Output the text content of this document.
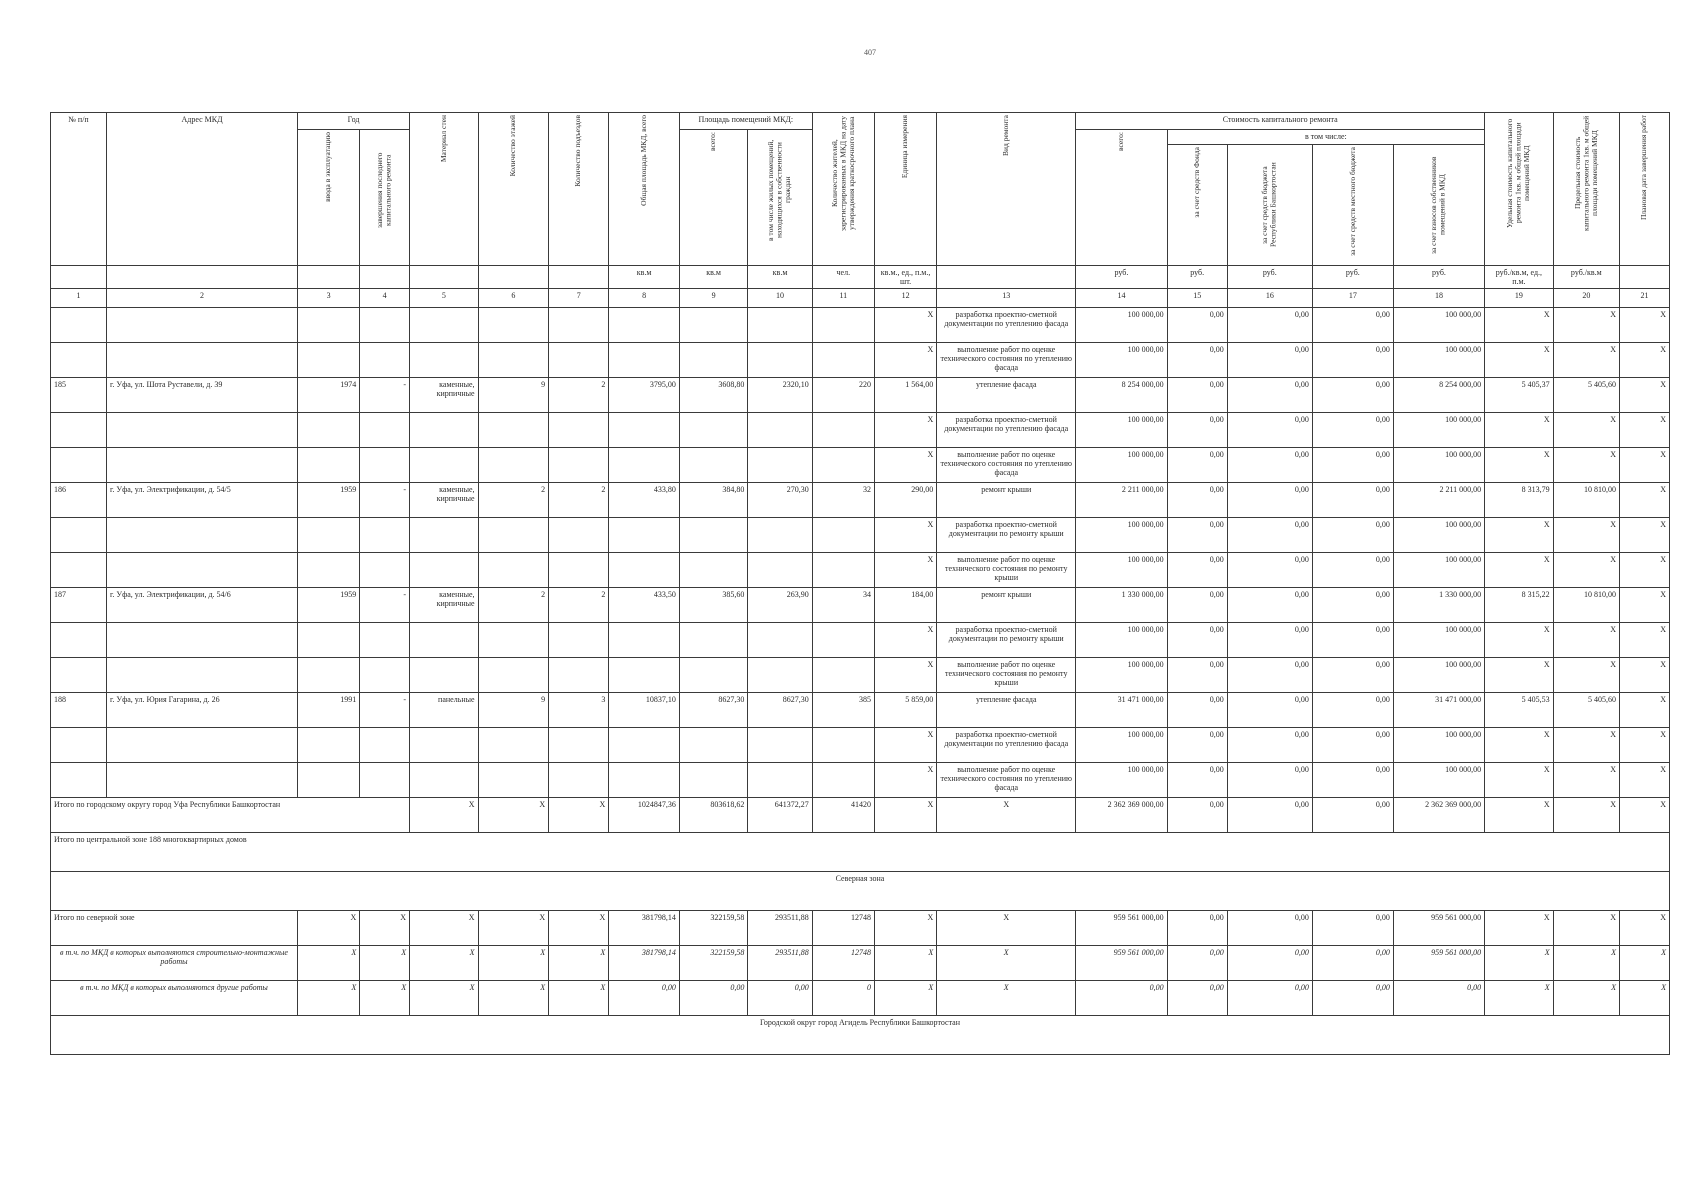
407
№ п/п	Адрес МКД	Год		Материал стен	Количество этажей	Количество подъездов	Общая площадь МКД, всего	Площадь помещений МКД:		Количество жителей, зарегистрированных в МКД на дату утверждения краткосрочного плана	Единица измерения	Вид ремонта	Стоимость капитального ремонта					Удельная стоимость капитального ремонта 1кв. м общей площади помещений МКД	Предельная стоимость капитального ремонта 1кв. м общей площади помещений МКД	Плановая дата завершения работ

		ввода в эксплуатацию	завершения последнего капитального ремонта					всего:	в том числе жилых помещений, находящихся в собственности граждан				всего:	в том числе:						

														за счет средств Фонда	за счет средств бюджета Республики Башкортостан	за счет средств местного бюджета	за счет взносов собственников помещений в МКД			

							кв.м	кв.м	кв.м	чел.	кв.м., ед., п.м., шт.		руб.	руб.	руб.	руб.	руб.	руб./кв.м, ед., п.м.	руб./кв.м	
1	2	3	4	5	6	7	8	9	10	11	12	13	14	15	16	17	18	19	20	21
											X	разработка проектно-сметной документации по утеплению фасада	100 000,00	0,00	0,00	0,00	100 000,00	X	X	X
											X	выполнение работ по оценке технического состояния по утеплению фасада	100 000,00	0,00	0,00	0,00	100 000,00	X	X	X
185	г. Уфа, ул. Шота Руставели, д. 39	1974	-	каменные, кирпичные	9	2	3795,00	3608,80	2320,10	220	1 564,00	утепление фасада	8 254 000,00	0,00	0,00	0,00	8 254 000,00	5 405,37	5 405,60	X
											X	разработка проектно-сметной документации по утеплению фасада	100 000,00	0,00	0,00	0,00	100 000,00	X	X	X
											X	выполнение работ по оценке технического состояния по утеплению фасада	100 000,00	0,00	0,00	0,00	100 000,00	X	X	X
186	г. Уфа, ул. Электрификации, д. 54/5	1959	-	каменные, кирпичные	2	2	433,80	384,80	270,30	32	290,00	ремонт крыши	2 211 000,00	0,00	0,00	0,00	2 211 000,00	8 313,79	10 810,00	X
											X	разработка проектно-сметной документации по ремонту крыши	100 000,00	0,00	0,00	0,00	100 000,00	X	X	X
											X	выполнение работ по оценке технического состояния по ремонту крыши	100 000,00	0,00	0,00	0,00	100 000,00	X	X	X
187	г. Уфа, ул. Электрификации, д. 54/6	1959	-	каменные, кирпичные	2	2	433,50	385,60	263,90	34	184,00	ремонт крыши	1 330 000,00	0,00	0,00	0,00	1 330 000,00	8 315,22	10 810,00	X
											X	разработка проектно-сметной документации по ремонту крыши	100 000,00	0,00	0,00	0,00	100 000,00	X	X	X
											X	выполнение работ по оценке технического состояния по ремонту крыши	100 000,00	0,00	0,00	0,00	100 000,00	X	X	X
188	г. Уфа, ул. Юрия Гагарина, д. 26	1991	-	панельные	9	3	10837,10	8627,30	8627,30	385	5 859,00	утепление фасада	31 471 000,00	0,00	0,00	0,00	31 471 000,00	5 405,53	5 405,60	X
											X	разработка проектно-сметной документации по утеплению фасада	100 000,00	0,00	0,00	0,00	100 000,00	X	X	X
											X	выполнение работ по оценке технического состояния по утеплению фасада	100 000,00	0,00	0,00	0,00	100 000,00	X	X	X
Итого по городскому округу город Уфа Республики Башкортостан				X	X	X	1024847,36	803618,62	641372,27	41420	X	X	2 362 369 000,00	0,00	0,00	0,00	2 362 369 000,00	X	X	X
Итого по центральной зоне 188 многоквартирных домов																				
Северная зона																				
Итого по северной зоне		X	X	X	X	X	381798,14	322159,58	293511,88	12748	X	X	959 561 000,00	0,00	0,00	0,00	959 561 000,00	X	X	X
в т.ч. по МКД в которых выполняются строительно-монтажные работы		X	X	X	X	X	381798,14	322159,58	293511,88	12748	X	X	959 561 000,00	0,00	0,00	0,00	959 561 000,00	X	X	X
в т.ч. по МКД в которых выполняются другие работы		X	X	X	X	X	0,00	0,00	0,00	0	X	X	0,00	0,00	0,00	0,00	0,00	X	X	X
Городской округ город Агидель Республики Башкортостан																				
